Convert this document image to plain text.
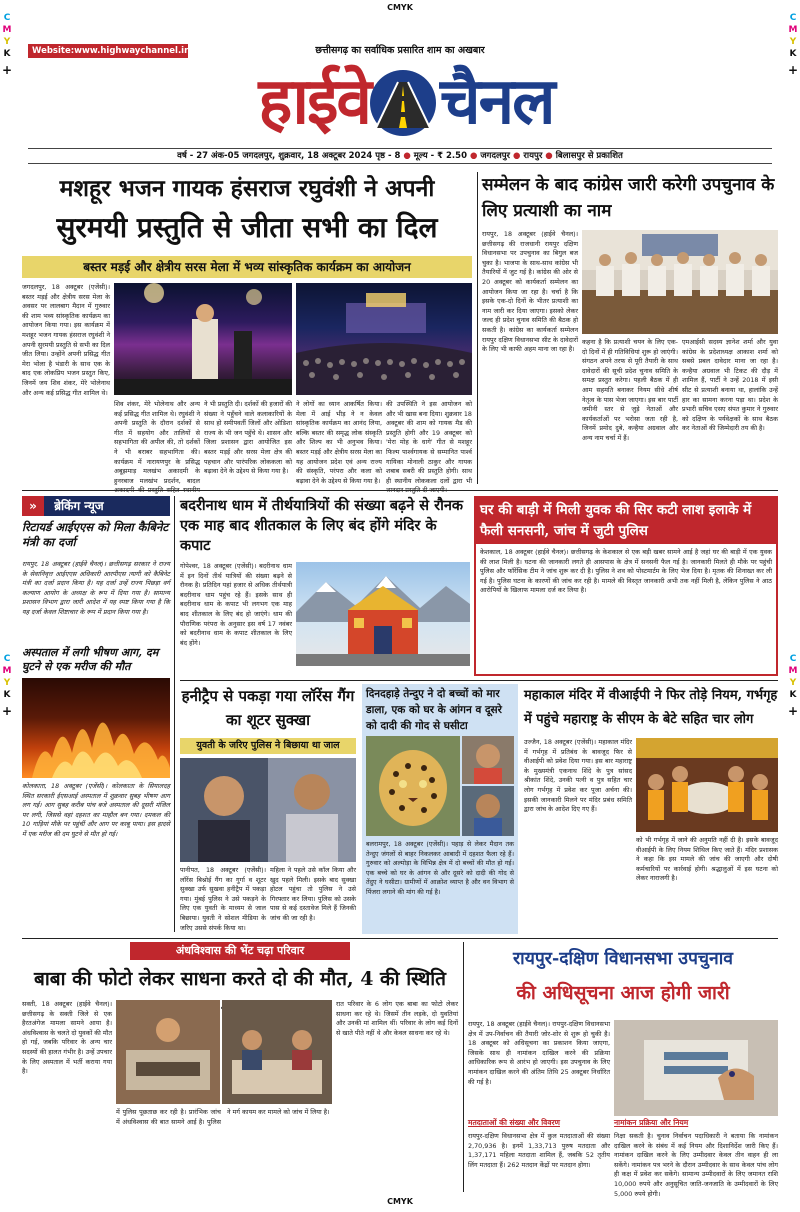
CMYK
C
M
Y
K
+
C
M
Y
K
+
C
M
Y
K
+
C
M
Y
K
+
CMYK
Website:www.highwaychannel.in	छत्तीसगढ़ का सर्वाधिक प्रसारित शाम का अखबार
हाईवे चैनल
वर्ष - 27 अंक-05 जगदलपुर, शुक्रवार, 18 अक्टूबर 2024 पृष्ठ - 8 ● मूल्य - ₹ 2.50 ● जगदलपुर ● रायपुर ● बिलासपुर से प्रकाशित
मशहूर भजन गायक हंसराज रघुवंशी ने अपनी
सुरमयी प्रस्तुति से जीता सभी का दिल
बस्तर मड़ई और क्षेत्रीय सरस मेला में भव्य सांस्कृतिक कार्यक्रम का आयोजन
जगदलपुर, 18 अक्टूबर (एजेंसी)। बस्तर मड़ई और क्षेत्रीय सरस मेला के अवसर पर लालबाग मैदान में गुरुवार की शाम भव्य सांस्कृतिक कार्यक्रम का आयोजन किया गया। इस कार्यक्रम में मशहूर भजन गायक हंसराज रघुवंशी ने अपनी सुरमयी प्रस्तुति से सभी का दिल जीत लिया। उन्होंने अपनी प्रसिद्ध गीत मेरा भोला है भंडारी के साथ एक के बाद एक लोकप्रिय भजन प्रस्तुत किए, जिनमें जय शिव शंकर, मेरे भोलेनाथ और अन्य कई प्रसिद्ध गीत शामिल थे।
शिव शंकर, मेरे भोलेनाथ और अन्य कई प्रसिद्ध गीत शामिल थे। रघुवंशी ने अपनी प्रस्तुति के दौरान दर्शकों से गीत में सहयोग और तालियों से सहभागिता की अपील की, तो दर्शकों ने भी बराबर सहभागिता की। कार्यक्रम में नारायणपुर के प्रसिद्ध अबूझमाड़ मलखंभ अकादमी के हुनरबाज मलखंभ प्रदर्शन, बादल
ने भी प्रस्तुति दी। दर्शकों की हजारों की संख्या ने पहुँचने वाले कलाकारियों के साथ हो समीपवर्ती जिलों और ओडिशा राज्य के भी जन पहुँचे थे। शासन और जिला प्रशासन द्वारा आयोजित इस बस्तर मड़ई और सरस मेला क्षेत्र की पहचान और पारंपरिक लोककला को बढ़ावा देने के उद्देश्य से किया गया है।
ने लोगों का ध्यान आकर्षित किया। मेला में आई भीड़ ने न केवल सांस्कृतिक कार्यक्रम का आनंद लिया, बल्कि बस्तर की समृद्ध लोक संस्कृति और शिल्प का भी अनुभव किया। बस्तर मड़ई और क्षेत्रीय सरस मेला का यह आयोजन प्रदेश एवं अन्य राज्य की संस्कृति, परंपरा और कला को बढ़ावा देने के उद्देश्य से किया गया है।
की उपस्थिति ने इस आयोजन को और भी खास बना दिया। शुक्रवार 18 अक्टूबर की शाम को गायक मैड की प्रस्तुति होगी और 19 अक्टूबर को 'मेरा मोह के धागे' गीत से मशहूर फिल्म पार्श्वगायक से सम्मानित पार्श्व गायिका मोनाली ठाकुर और गायक शबाब सबरी की प्रस्तुति होगी। साथ ही स्थानीय लोककला दलों द्वारा भी
सम्मेलन के बाद कांग्रेस जारी करेगी उपचुनाव के लिए प्रत्याशी का नाम
रायपुर, 18 अक्टूबर (हाईवे चैनल)। छत्तीसगढ़ की राजधानी रायपुर दक्षिण विधानसभा पर उपचुनाव का बिगुल बज चुका है। भाजपा के साथ-साथ कांग्रेस भी तैयारियों में जुट गई है। कांग्रेस की ओर से 20 अक्टूबर को कार्यकर्ता सम्मेलन का आयोजन किया जा रहा है। चर्चा है कि इसके एक-दो दिनों के भीतर प्रत्याशी का नाम जारी कर दिया जाएगा। इसको लेकर जल्द ही प्रदेश चुनाव समिति की बैठक हो सकती है। कांग्रेस का कार्यकर्ता सम्मेलन रायपुर दक्षिण विधानसभा सीट के दावेदारों के लिए भी काफी अहम माना जा रहा है।
कहना है कि प्रत्याशी चयन के लिए एक-दो दिनों में ही गतिविधियां शुरू हो जाएंगी। संगठन अपने तरफ से पूरी तैयारी के साथ दावेदारों की सूची प्रदेश चुनाव समिति के समक्ष प्रस्तुत करेगा। पहली बैठक में ही आम सहमति बनाकर नियम सीधे शीर्ष नेतृत्व के पास भेजा जाएगा। इस बार पार्टी जमीनी स्तर से जुड़े नेताओं और कार्यकर्ताओं पर भरोसा जता रही है, जिनमें प्रमोद दुबे, कन्हैया अग्रवाल और अन्य नाम चर्चा में हैं।
एमआईसी सदस्य ज्ञानेश शर्मा और युवा कांग्रेस के प्रदेशाध्यक्ष आकाश शर्मा को सबसे प्रबल दावेदार माना जा रहा है। कन्हैया अग्रवाल भी टिकट की दौड़ में शामिल हैं, पार्टी ने उन्हें 2018 में इसी सीट से प्रत्याशी बनाया था, हालांकि उन्हें हार का सामना करना पड़ा था। प्रदेश के प्रभारी सचिव एसए संपत कुमार ने गुरुवार को दक्षिण के पर्यवेक्षकों के साथ बैठक कर नेताओं की जिम्मेदारी तय की है।
» ब्रेकिंग न्यूज
रिटायर्ड आईएएस को मिला कैबिनेट मंत्री का दर्जा
रायपुर, 18 अक्टूबर (हाईवे चैनल)। छत्तीसगढ़ सरकार ने राज्य के सेवानिवृत्त आईएएस अधिकारी आरपीएस त्यागी को कैबिनेट मंत्री का दर्जा प्रदान किया है। यह दर्जा उन्हें राज्य पिछड़ा वर्ग कल्याण आयोग के अध्यक्ष के रूप में दिया गया है। सामान्य प्रशासन विभाग द्वारा जारी आदेश में यह स्पष्ट किया गया है कि यह दर्जा केवल शिष्टाचार के रूप में प्रदान किया गया है।
अस्पताल में लगी भीषण आग, दम घुटने से एक मरीज की मौत
कोलकाता, 18 अक्टूबर (एजेंसी)। कोलकाता के सियालदह स्थित सरकारी ईएसआई अस्पताल में शुक्रवार सुबह भीषण आग लग गई। आग सुबह करीब पांच बजे अस्पताल की दूसरी मंजिल पर लगी, जिससे वहां दहशत का माहौल बन गया। दमकल की 10 गाड़ियां मौके पर पहुंचीं और आग पर काबू पाया। इस हादसे में एक मरीज की दम घुटने से मौत हो गई।
बदरीनाथ धाम में तीर्थयात्रियों की संख्या बढ़ने से रौनक एक माह बाद शीतकाल के लिए बंद होंगे मंदिर के कपाट
गोपेश्वर, 18 अक्टूबर (एजेंसी)। बदरीनाथ धाम में इन दिनों तीर्थ यात्रियों की संख्या बढ़ने से रौनक है। प्रतिदिन यहां हजार से अधिक तीर्थयात्री बदरीनाथ धाम पहुंच रहे हैं। इसके साथ ही बदरीनाथ धाम के कपाट भी लगभग एक माह बाद शीतकाल के लिए बंद हो जाएंगे। धाम की पौराणिक परंपरा के अनुसार इस वर्ष 17 नवंबर को बदरीनाथ धाम के कपाट शीतकाल के लिए बंद होंगे।
घर की बाड़ी में मिली युवक की सिर कटी लाश इलाके में फैली सनसनी, जांच में जुटी पुलिस
केशकाल, 18 अक्टूबर (हाईवे चैनल)। छत्तीसगढ़ के केशकाल से एक बड़ी खबर सामने आई है जहां घर की बाड़ी में एक युवक की लाश मिली है। घटना की जानकारी लगते ही आसपास के क्षेत्र में सनसनी फैल गई है। जानकारी मिलते ही मौके पर पहुंची पुलिस और फॉरेंसिक टीम ने जांच शुरू कर दी है। पुलिस ने शव को पोस्टमार्टम के लिए भेज दिया है। मृतक की शिनाख्त कर ली गई है। पुलिस घटना के कारणों की जांच कर रही है। मामले की विस्तृत जानकारी अभी तक नहीं मिली है, लेकिन पुलिस ने आठ आरोपियों के खिलाफ मामला दर्ज कर लिया है।
हनीट्रैप से पकड़ा गया लॉरेंस गैंग का शूटर सुक्खा
युवती के जरिए पुलिस ने बिछाया था जाल
पानीपत, 18 अक्टूबर (एजेंसी)। लॉरेंस बिश्नोई गैंग का गुर्गा व शूटर सुक्खा उर्फ सुखवा हनीट्रैप में पकड़ा गया। मुंबई पुलिस ने उसे पकड़ने के लिए एक युवती के माध्यम से जाल बिछाया। युवती ने सोशल मीडिया के जरिए उससे संपर्क किया था।
महिला ने पहले उसे कॉल किया और खुद पहले मिली। इसके बाद सुक्खा होटल पहुंचा तो पुलिस ने उसे गिरफ्तार कर लिया। पुलिस को उसके पास से कई दस्तावेज मिले हैं जिनकी जांच की जा रही है।
दिनदहाड़े तेन्दुए ने दो बच्चों को मार डाला, एक को घर के आंगन व दूसरे को दादी की गोद से घसीटा
बलरामपुर, 18 अक्टूबर (एजेंसी)। पहाड़ से लेकर मैदान तक तेन्दुए जंगलों से बाहर निकलकर आबादी में दहशत फैला रहे हैं। गुरुवार को अल्मोड़ा के विभिन्न क्षेत्र में दो बच्चों की मौत हो गई। एक बच्चे को घर के आंगन से और दूसरे को दादी की गोद से तेंदुए ने घसीटा। ग्रामीणों में आक्रोश व्याप्त है और वन विभाग से पिंजरा लगाने की मांग की गई है।
महाकाल मंदिर में वीआईपी ने फिर तोड़े नियम, गर्भगृह में पहुंचे महाराष्ट्र के सीएम के बेटे सहित चार लोग
उज्जैन, 18 अक्टूबर (एजेंसी)। महाकाल मंदिर में गर्भगृह में प्रतिबंध के बावजूद फिर से वीआईपी को प्रवेश दिया गया। इस बार महाराष्ट्र के मुख्यमंत्री एकनाथ शिंदे के पुत्र सांसद श्रीकांत शिंदे, उनकी पत्नी व पुत्र सहित चार लोग गर्भगृह में प्रवेश कर पूजा अर्चना की। इसकी जानकारी मिलने पर मंदिर प्रबंध समिति द्वारा जांच के आदेश दिए गए हैं।
को भी गर्भगृह में जाने की अनुमति नहीं दी है। इसके बावजूद वीआईपी के लिए नियम शिथिल किए जाते हैं। मंदिर प्रशासक ने कहा कि इस मामले की जांच की जाएगी और दोषी कर्मचारियों पर कार्रवाई होगी। श्रद्धालुओं में इस घटना को लेकर नाराजगी है।
अंधविश्वास की भेंट चढ़ा परिवार
बाबा की फोटो लेकर साधना करते दो की मौत, 4 की स्थिति
सक्ती, 18 अक्टूबर (हाईवे चैनल)। छत्तीसगढ़ के सक्ती जिले से एक हैरतअंगेज मामला सामने आया है। अंधविश्वास के चलते दो युवकों की मौत हो गई, जबकि परिवार के अन्य चार सदस्यों की हालत गंभीर है। उन्हें उपचार के लिए अस्पताल में भर्ती कराया गया है।
में पुलिस पूछताछ कर रही है। प्रारंभिक जांच में अंधविश्वास की बात सामने आई है। पुलिस ने मर्ग कायम कर मामले को जांच में लिया है।
रात परिवार के 6 लोग एक बाबा का फोटो लेकर साधना कर रहे थे। जिसमें तीन लड़के, दो युवतियां और उनकी मां शामिल थीं। परिवार के लोग कई दिनों से खाते पीते नहीं थे और केवल साधना कर रहे थे।
रायपुर-दक्षिण विधानसभा उपचुनाव
की अधिसूचना आज होगी जारी
रायपुर, 18 अक्टूबर (हाईवे चैनल)। रायपुर-दक्षिण विधानसभा क्षेत्र में उप-निर्वाचन की तैयारी जोर-शोर से शुरू हो चुकी है। 18 अक्टूबर को अधिसूचना का प्रकाशन किया जाएगा, जिसके साथ ही नामांकन दाखिल करने की प्रक्रिया आधिकारिक रूप से आरंभ हो जाएगी। इस उपचुनाव के लिए नामांकन दाखिल करने की अंतिम तिथि 25 अक्टूबर निर्धारित की गई है।
मतदाताओं की संख्या और विवरण
रायपुर-दक्षिण विधानसभा क्षेत्र में कुल मतदाताओं की संख्या 2,70,936 है। इनमें 1,33,713 पुरुष मतदाता और 1,37,171 महिला मतदाता शामिल हैं, जबकि 52 तृतीय लिंग मतदाता हैं। 262 मतदान केंद्रों पर मतदान होगा।
नामांकन प्रक्रिया और नियम
निक्षा सकती है। चुनाव निर्वाचन पदाधिकारी ने बताया कि नामांकन दाखिल करने के संबंध में कई नियम और दिशानिर्देश जारी किए हैं। नामांकन दाखिल करने के लिए उम्मीदवार केवल तीन वाहन ही ला सकेंगे। नामांकन पत्र भरने के दौरान उम्मीदवार के साथ केवल पांच लोग ही कक्ष में प्रवेश कर सकेंगे। सामान्य उम्मीदवारों के लिए जमानत राशि 10,000 रुपये और अनुसूचित जाति-जनजाति के उम्मीदवारों के लिए 5,000 रुपये होगी।
